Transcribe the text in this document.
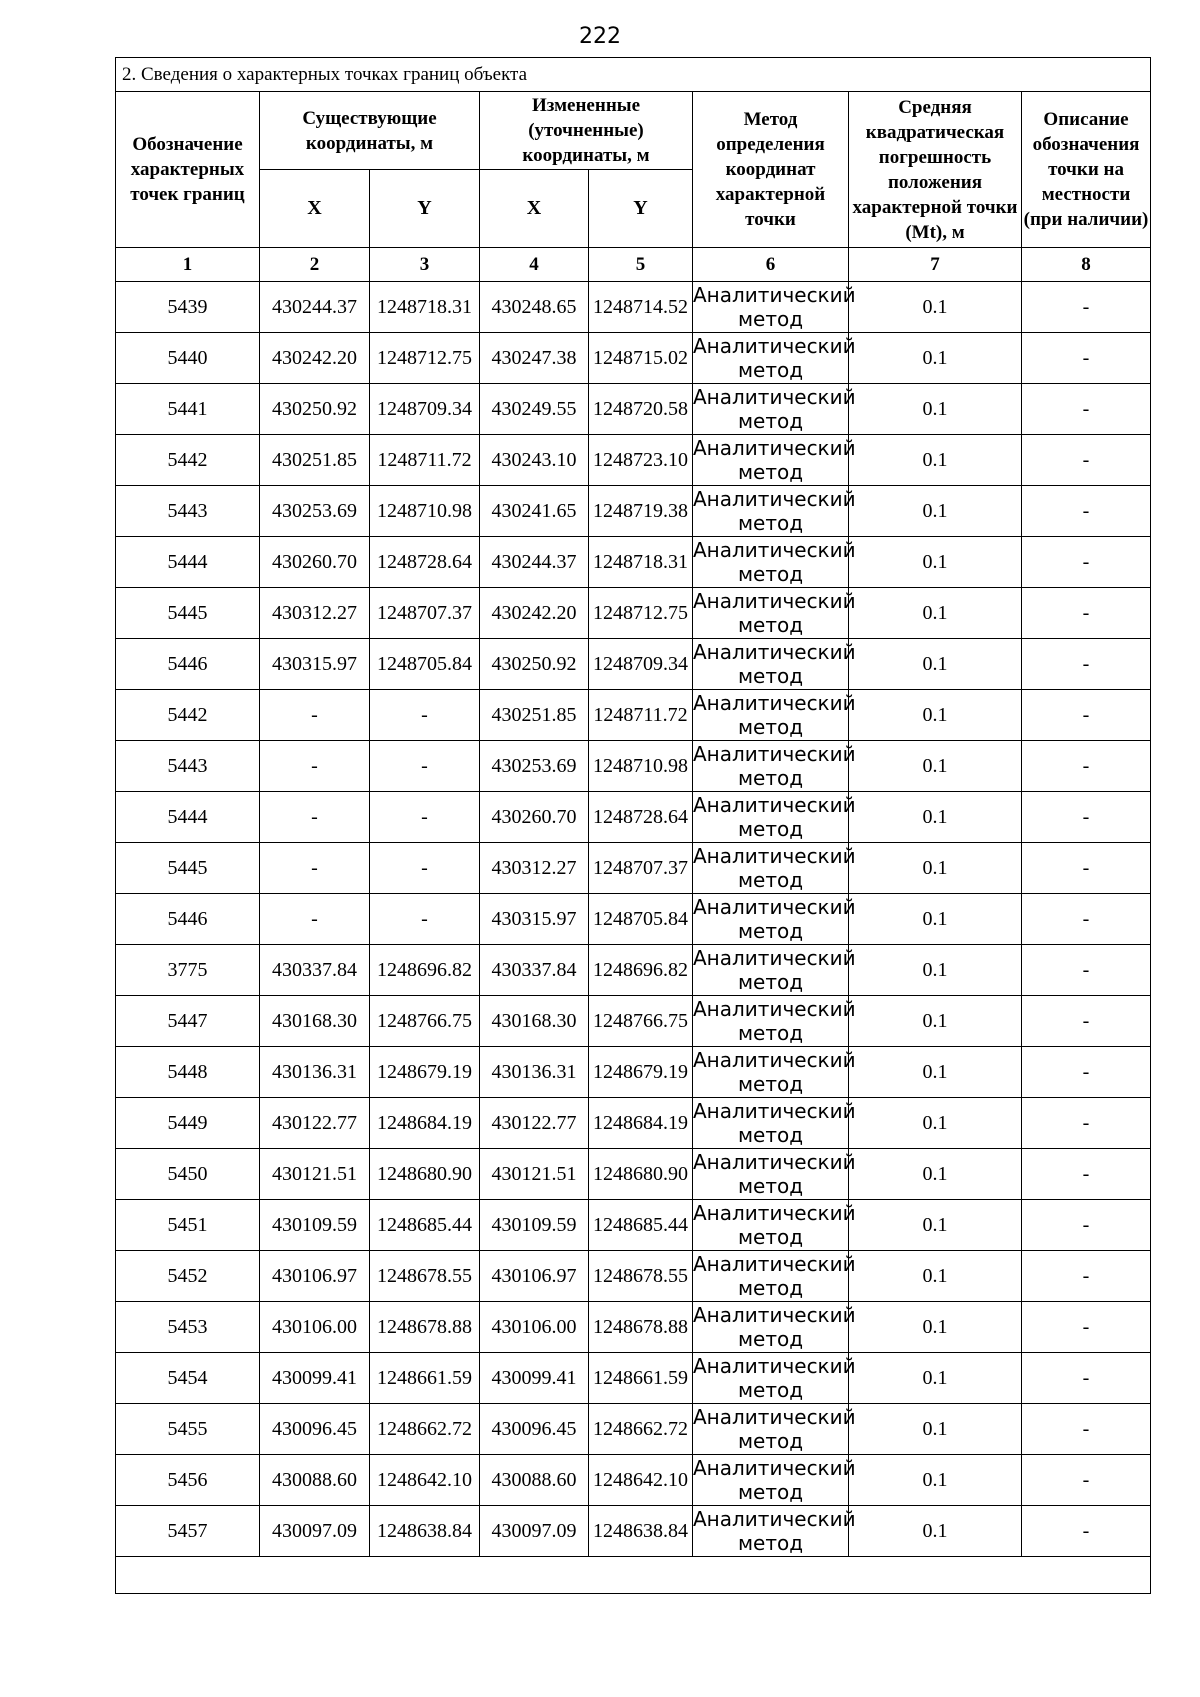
222
2. Сведения о характерных точках границ объекта							
Обозначение характерных точек границ	Существующие координаты, м		Измененные (уточненные) координаты, м		Метод определения координат характерной точки	Средняя квадратическая погрешность положения характерной точки (Mt), м	Описание обозначения точки на местности (при наличии)
	X	Y	X	Y			
1	2	3	4	5	6	7	8
5439	430244.37	1248718.31	430248.65	1248714.52	Аналитический метод	0.1	-
5440	430242.20	1248712.75	430247.38	1248715.02	Аналитический метод	0.1	-
5441	430250.92	1248709.34	430249.55	1248720.58	Аналитический метод	0.1	-
5442	430251.85	1248711.72	430243.10	1248723.10	Аналитический метод	0.1	-
5443	430253.69	1248710.98	430241.65	1248719.38	Аналитический метод	0.1	-
5444	430260.70	1248728.64	430244.37	1248718.31	Аналитический метод	0.1	-
5445	430312.27	1248707.37	430242.20	1248712.75	Аналитический метод	0.1	-
5446	430315.97	1248705.84	430250.92	1248709.34	Аналитический метод	0.1	-
5442	-	-	430251.85	1248711.72	Аналитический метод	0.1	-
5443	-	-	430253.69	1248710.98	Аналитический метод	0.1	-
5444	-	-	430260.70	1248728.64	Аналитический метод	0.1	-
5445	-	-	430312.27	1248707.37	Аналитический метод	0.1	-
5446	-	-	430315.97	1248705.84	Аналитический метод	0.1	-
3775	430337.84	1248696.82	430337.84	1248696.82	Аналитический метод	0.1	-
5447	430168.30	1248766.75	430168.30	1248766.75	Аналитический метод	0.1	-
5448	430136.31	1248679.19	430136.31	1248679.19	Аналитический метод	0.1	-
5449	430122.77	1248684.19	430122.77	1248684.19	Аналитический метод	0.1	-
5450	430121.51	1248680.90	430121.51	1248680.90	Аналитический метод	0.1	-
5451	430109.59	1248685.44	430109.59	1248685.44	Аналитический метод	0.1	-
5452	430106.97	1248678.55	430106.97	1248678.55	Аналитический метод	0.1	-
5453	430106.00	1248678.88	430106.00	1248678.88	Аналитический метод	0.1	-
5454	430099.41	1248661.59	430099.41	1248661.59	Аналитический метод	0.1	-
5455	430096.45	1248662.72	430096.45	1248662.72	Аналитический метод	0.1	-
5456	430088.60	1248642.10	430088.60	1248642.10	Аналитический метод	0.1	-
5457	430097.09	1248638.84	430097.09	1248638.84	Аналитический метод	0.1	-
